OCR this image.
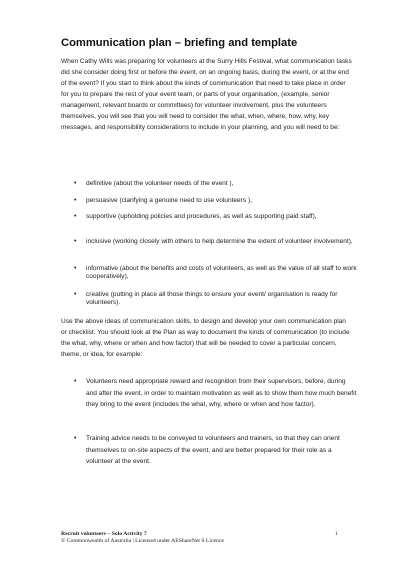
Communication plan – briefing and template

When Cathy Wills was preparing for volunteers at the Surry Hills Festival, what communication tasks did she consider doing first or before the event, on an ongoing basis, during the event, or at the end of the event? If you start to think about the kinds of communication that need to take place in order for you to prepare the rest of your event team, or parts of your organisation, (example, senior management, relevant boards or committees) for volunteer involvement, plus the volunteers themselves, you will see that you will need to consider the what, when, where, how, why, key messages, and responsibility considerations to include in your planning, and you will need to be:

• definitive (about the volunteer needs of the event ),
• persuasive (clarifying a genuine need to use volunteers ),
• supportive (upholding policies and procedures, as well as supporting paid staff),
• inclusive (working closely with others to help determine the extent of volunteer involvement),
• informative (about the benefits and costs of volunteers, as well as the value of all staff to work cooperatively),
• creative (putting in place all those things to ensure your event/ organisation is ready for volunteers).

Use the above ideas of communication skills, to design and develop your own communication plan or checklist. You should look at the Plan as way to document the kinds of communication (to include the what, why, where or when and how factor) that will be needed to cover a particular concern, theme, or idea, for example:

• Volunteers need appropriate reward and recognition from their supervisors, before, during and after the event, in order to maintain motivation as well as to show them how much benefit they bring to the event (includes the what, why, where or when and how factor).
• Training advice needs to be conveyed to volunteers and trainers, so that they can orient themselves to on-site aspects of the event, and are better prepared for their role as a volunteer at the event.
Recruit volunteers – Solo Activity 7
© Commonwealth of Australia | Licensed under AEShareNet S Licence
1
